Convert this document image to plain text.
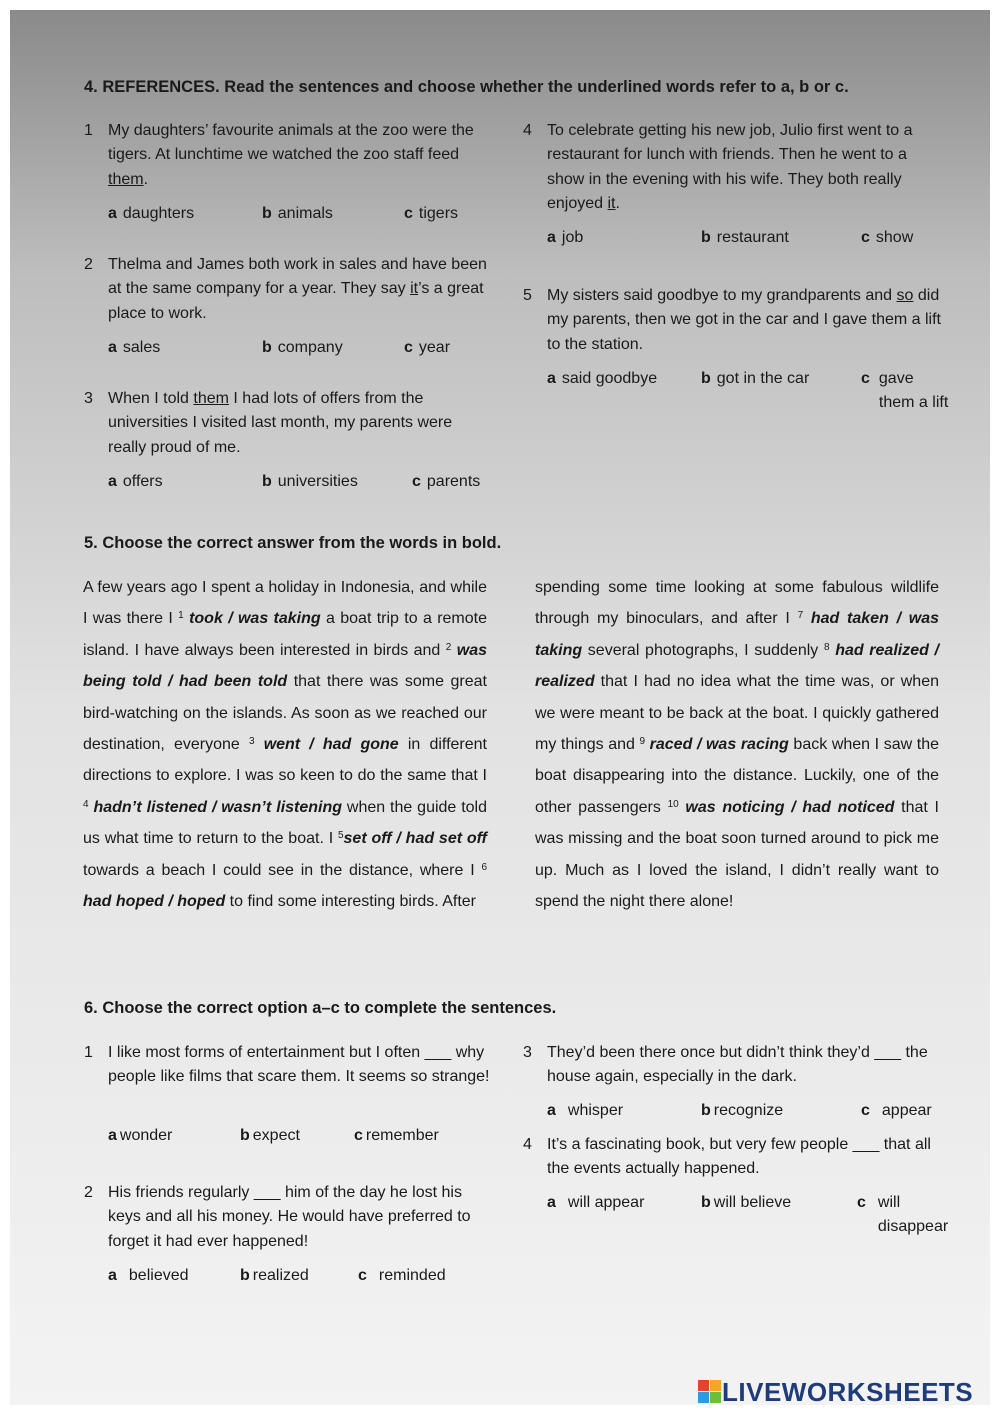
4. REFERENCES. Read the sentences and choose whether the underlined words refer to a, b or c.
1 My daughters’ favourite animals at the zoo were the tigers. At lunchtime we watched the zoo staff feed them.
a daughters	b animals	c tigers
2 Thelma and James both work in sales and have been at the same company for a year. They say it’s a great place to work.
a sales	b company	c year
3 When I told them I had lots of offers from the universities I visited last month, my parents were really proud of me.
a offers	b universities	c parents
4 To celebrate getting his new job, Julio first went to a restaurant for lunch with friends. Then he went to a show in the evening with his wife. They both really enjoyed it.
a job	b restaurant	c show
5 My sisters said goodbye to my grandparents and so did my parents, then we got in the car and I gave them a lift to the station.
a said goodbye	b got in the car	c gave them a lift
5. Choose the correct answer from the words in bold.
A few years ago I spent a holiday in Indonesia, and while I was there I $^1$ took / was taking a boat trip to a remote island. I have always been interested in birds and $^2$ was being told / had been told that there was some great bird-watching on the islands. As soon as we reached our destination, everyone $^3$ went / had gone in different directions to explore. I was so keen to do the same that I $^4$ hadn’t listened / wasn’t listening when the guide told us what time to return to the boat. I $^5$set off / had set off towards a beach I could see in the distance, where I $^6$ had hoped / hoped to find some interesting birds. After
spending some time looking at some fabulous wildlife through my binoculars, and after I $^7$ had taken / was taking several photographs, I suddenly $^8$ had realized / realized that I had no idea what the time was, or when we were meant to be back at the boat. I quickly gathered my things and $^9$ raced / was racing back when I saw the boat disappearing into the distance. Luckily, one of the other passengers $^{10}$ was noticing / had noticed that I was missing and the boat soon turned around to pick me up. Much as I loved the island, I didn’t really want to spend the night there alone!
6. Choose the correct option a–c to complete the sentences.
1 I like most forms of entertainment but I often ___ why people like films that scare them. It seems so strange!
a wonder	b expect	c remember
2 His friends regularly ___ him of the day he lost his keys and all his money. He would have preferred to forget it had ever happened!
a believed	b realized	c reminded
3 They’d been there once but didn’t think they’d ___ the house again, especially in the dark.
a whisper	b recognize	c appear
4 It’s a fascinating book, but very few people ___ that all the events actually happened.
a will appear	b will believe	c will disappear
LIVEWORKSHEETS
